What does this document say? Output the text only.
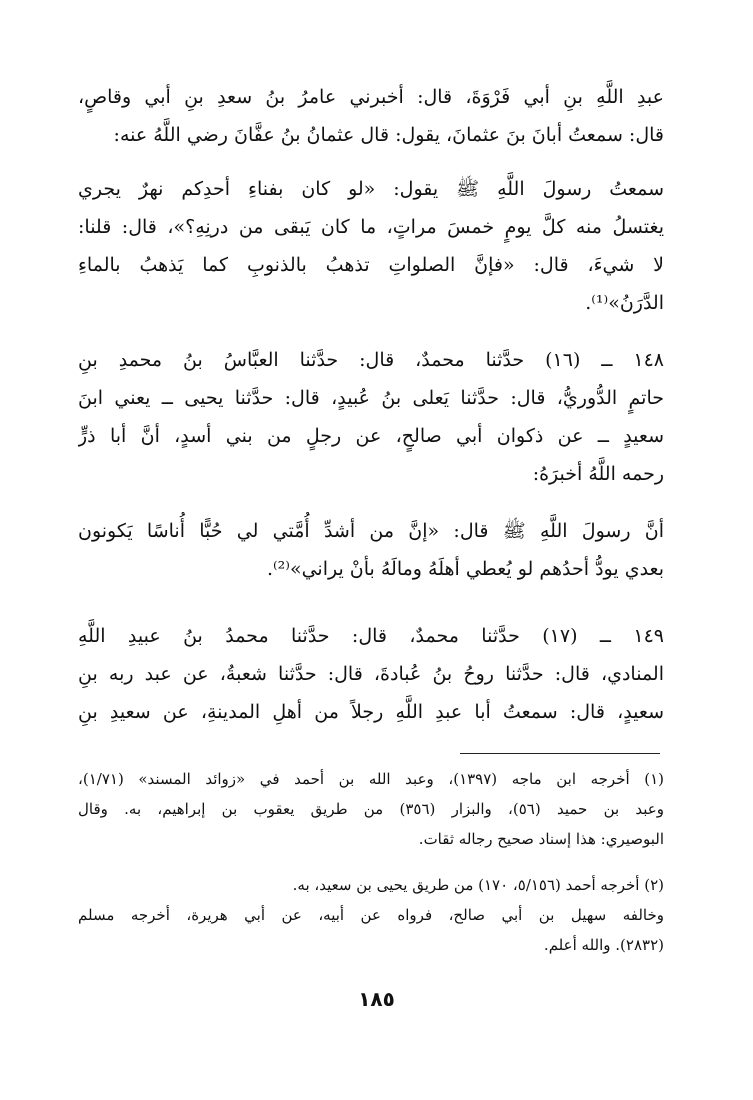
عبدِ اللَّهِ بنِ أبي فَرْوَةَ، قال: أخبرني عامرُ بنُ سعدِ بنِ أبي وقاصٍ،
قال: سمعتُ أبانَ بنَ عثمانَ، يقول: قال عثمانُ بنُ عفَّانَ رضي اللَّهُ عنه:
سمعتُ رسولَ اللَّهِ ﷺ يقول: «لو كان بفناءِ أحدِكم نهرٌ يجري
يغتسلُ منه كلَّ يومٍ خمسَ مراتٍ، ما كان يَبقى من درنِهِ؟»، قال: قلنا:
لا شيءَ، قال: «فإنَّ الصلواتِ تذهبُ بالذنوبِ كما يَذهبُ بالماءِ
الدَّرَنُ»⁽¹⁾.
١٤٨ ــ (١٦) حدَّثنا محمدٌ، قال: حدَّثنا العبَّاسُ بنُ محمدِ بنِ
حاتمٍ الدُّوريُّ، قال: حدَّثنا يَعلى بنُ عُبيدٍ، قال: حدَّثنا يحيى ــ يعني ابنَ
سعيدٍ ــ عن ذكوان أبي صالحٍ، عن رجلٍ من بني أسدٍ، أنَّ أبا ذرٍّ
رحمه اللَّهُ أخبرَهُ:
أنَّ رسولَ اللَّهِ ﷺ قال: «إنَّ من أشدِّ أُمَّتي لي حُبًّا أُناسًا يَكونون
بعدي يودُّ أحدُهم لو يُعطي أهلَهُ ومالَهُ بأنْ يراني»⁽²⁾.
١٤٩ ــ (١٧) حدَّثنا محمدٌ، قال: حدَّثنا محمدُ بنُ عبيدِ اللَّهِ
المنادي، قال: حدَّثنا روحُ بنُ عُبادةَ، قال: حدَّثنا شعبةُ، عن عبد ربه بنِ
سعيدٍ، قال: سمعتُ أبا عبدِ اللَّهِ رجلاً من أهلِ المدينةِ، عن سعيدِ بنِ
(١) أخرجه ابن ماجه (١٣٩٧)، وعبد الله بن أحمد في «زوائد المسند» (١/٧١)،
وعبد بن حميد (٥٦)، والبزار (٣٥٦) من طريق يعقوب بن إبراهيم، به. وقال
البوصيري: هذا إسناد صحيح رجاله ثقات.
(٢) أخرجه أحمد (٥/١٥٦، ١٧٠) من طريق يحيى بن سعيد، به.
وخالفه سهيل بن أبي صالح، فرواه عن أبيه، عن أبي هريرة، أخرجه مسلم
(٢٨٣٢). والله أعلم.
١٨٥
